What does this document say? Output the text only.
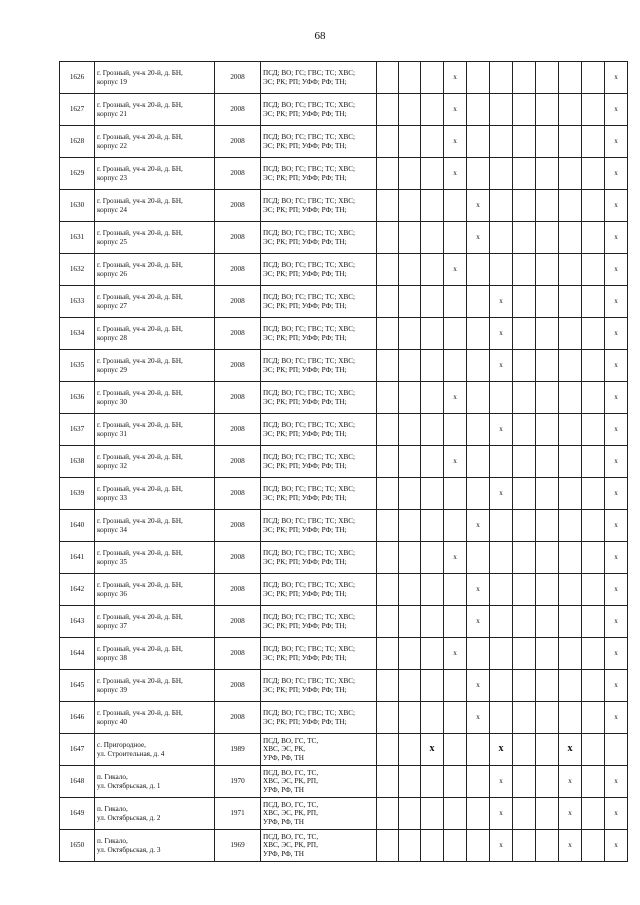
68
1626	г. Грозный, уч-к 20-й, д. БН,
корпус 19	2008	ПСД; ВО; ГС; ГВС; ТС; ХВС;
ЭС; РК; РП; УФФ; РФ; ТН;				x							x
1627	г. Грозный, уч-к 20-й, д. БН,
корпус 21	2008	ПСД; ВО; ГС; ГВС; ТС; ХВС;
ЭС; РК; РП; УФФ; РФ; ТН;				x							x
1628	г. Грозный, уч-к 20-й, д. БН,
корпус 22	2008	ПСД; ВО; ГС; ГВС; ТС; ХВС;
ЭС; РК; РП; УФФ; РФ; ТН;				x							x
1629	г. Грозный, уч-к 20-й, д. БН,
корпус 23	2008	ПСД; ВО; ГС; ГВС; ТС; ХВС;
ЭС; РК; РП; УФФ; РФ; ТН;				x							x
1630	г. Грозный, уч-к 20-й, д. БН,
корпус 24	2008	ПСД; ВО; ГС; ГВС; ТС; ХВС;
ЭС; РК; РП; УФФ; РФ; ТН;					x						x
1631	г. Грозный, уч-к 20-й, д. БН,
корпус 25	2008	ПСД; ВО; ГС; ГВС; ТС; ХВС;
ЭС; РК; РП; УФФ; РФ; ТН;					x						x
1632	г. Грозный, уч-к 20-й, д. БН,
корпус 26	2008	ПСД; ВО; ГС; ГВС; ТС; ХВС;
ЭС; РК; РП; УФФ; РФ; ТН;				x							x
1633	г. Грозный, уч-к 20-й, д. БН,
корпус 27	2008	ПСД; ВО; ГС; ГВС; ТС; ХВС;
ЭС; РК; РП; УФФ; РФ; ТН;						x					x
1634	г. Грозный, уч-к 20-й, д. БН,
корпус 28	2008	ПСД; ВО; ГС; ГВС; ТС; ХВС;
ЭС; РК; РП; УФФ; РФ; ТН;						x					x
1635	г. Грозный, уч-к 20-й, д. БН,
корпус 29	2008	ПСД; ВО; ГС; ГВС; ТС; ХВС;
ЭС; РК; РП; УФФ; РФ; ТН;						x					x
1636	г. Грозный, уч-к 20-й, д. БН,
корпус 30	2008	ПСД; ВО; ГС; ГВС; ТС; ХВС;
ЭС; РК; РП; УФФ; РФ; ТН;				x							x
1637	г. Грозный, уч-к 20-й, д. БН,
корпус 31	2008	ПСД; ВО; ГС; ГВС; ТС; ХВС;
ЭС; РК; РП; УФФ; РФ; ТН;						x					x
1638	г. Грозный, уч-к 20-й, д. БН,
корпус 32	2008	ПСД; ВО; ГС; ГВС; ТС; ХВС;
ЭС; РК; РП; УФФ; РФ; ТН;				x							x
1639	г. Грозный, уч-к 20-й, д. БН,
корпус 33	2008	ПСД; ВО; ГС; ГВС; ТС; ХВС;
ЭС; РК; РП; УФФ; РФ; ТН;						x					x
1640	г. Грозный, уч-к 20-й, д. БН,
корпус 34	2008	ПСД; ВО; ГС; ГВС; ТС; ХВС;
ЭС; РК; РП; УФФ; РФ; ТН;					x						x
1641	г. Грозный, уч-к 20-й, д. БН,
корпус 35	2008	ПСД; ВО; ГС; ГВС; ТС; ХВС;
ЭС; РК; РП; УФФ; РФ; ТН;				x							x
1642	г. Грозный, уч-к 20-й, д. БН,
корпус 36	2008	ПСД; ВО; ГС; ГВС; ТС; ХВС;
ЭС; РК; РП; УФФ; РФ; ТН;					x						x
1643	г. Грозный, уч-к 20-й, д. БН,
корпус 37	2008	ПСД; ВО; ГС; ГВС; ТС; ХВС;
ЭС; РК; РП; УФФ; РФ; ТН;					x						x
1644	г. Грозный, уч-к 20-й, д. БН,
корпус 38	2008	ПСД; ВО; ГС; ГВС; ТС; ХВС;
ЭС; РК; РП; УФФ; РФ; ТН;				x							x
1645	г. Грозный, уч-к 20-й, д. БН,
корпус 39	2008	ПСД; ВО; ГС; ГВС; ТС; ХВС;
ЭС; РК; РП; УФФ; РФ; ТН;					x						x
1646	г. Грозный, уч-к 20-й, д. БН,
корпус 40	2008	ПСД; ВО; ГС; ГВС; ТС; ХВС;
ЭС; РК; РП; УФФ; РФ; ТН;					x						x
1647	с. Пригородное,
ул. Строительная, д. 4	1989	ПСД, ВО, ГС, ТС,
ХВС, ЭС, РК,
УРФ, РФ, ТН			x			x			x		
1648	п. Гикало,
ул. Октябрьская, д. 1	1970	ПСД, ВО, ГС, ТС,
ХВС, ЭС, РК, РП,
УРФ, РФ, ТН						x			x		x
1649	п. Гикало,
ул. Октябрьская, д. 2	1971	ПСД, ВО, ГС, ТС,
ХВС, ЭС, РК, РП,
УРФ, РФ, ТН						x			x		x
1650	п. Гикало,
ул. Октябрьская, д. 3	1969	ПСД, ВО, ГС, ТС,
ХВС, ЭС, РК, РП,
УРФ, РФ, ТН						x			x		x
